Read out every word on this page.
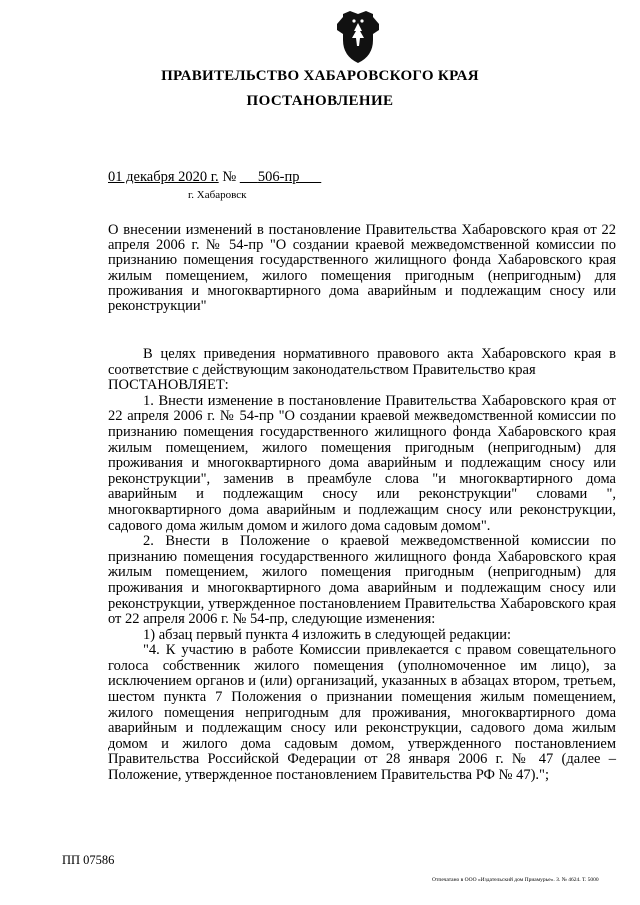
ПРАВИТЕЛЬСТВО ХАБАРОВСКОГО КРАЯ
ПОСТАНОВЛЕНИЕ
01 декабря 2020 г. № 506-пр
г. Хабаровск
О внесении изменений в постановление Правительства Хабаровского края от 22 апреля 2006 г. № 54-пр "О создании краевой межведомственной комиссии по признанию помещения государственного жилищного фонда Хабаровского края жилым помещением, жилого помещения пригодным (непригодным) для проживания и многоквартирного дома аварийным и подлежащим сносу или реконструкции"

В целях приведения нормативного правового акта Хабаровского края в соответствие с действующим законодательством Правительство края

ПОСТАНОВЛЯЕТ:

1. Внести изменение в постановление Правительства Хабаровского края от 22 апреля 2006 г. № 54-пр "О создании краевой межведомственной комиссии по признанию помещения государственного жилищного фонда Хабаровского края жилым помещением, жилого помещения пригодным (непригодным) для проживания и многоквартирного дома аварийным и подлежащим сносу или реконструкции", заменив в преамбуле слова "и многоквартирного дома аварийным и подлежащим сносу или реконструкции" словами ", многоквартирного дома аварийным и подлежащим сносу или реконструкции, садового дома жилым домом и жилого дома садовым домом".

2. Внести в Положение о краевой межведомственной комиссии по признанию помещения государственного жилищного фонда Хабаровского края жилым помещением, жилого помещения пригодным (непригодным) для проживания и многоквартирного дома аварийным и подлежащим сносу или реконструкции, утвержденное постановлением Правительства Хабаровского края от 22 апреля 2006 г. № 54-пр, следующие изменения:

1) абзац первый пункта 4 изложить в следующей редакции:

"4. К участию в работе Комиссии привлекается с правом совещательного голоса собственник жилого помещения (уполномоченное им лицо), за исключением органов и (или) организаций, указанных в абзацах втором, третьем, шестом пункта 7 Положения о признании помещения жилым помещением, жилого помещения непригодным для проживания, многоквартирного дома аварийным и подлежащим сносу или реконструкции, садового дома жилым домом и жилого дома садовым домом, утвержденного постановлением Правительства Российской Федерации от 28 января 2006 г. № 47 (далее – Положение, утвержденное постановлением Правительства РФ № 47).";

ПП 07586
Отпечатано в ООО «Издательский дом Приамурье». З. № 4624. Т. 5000
